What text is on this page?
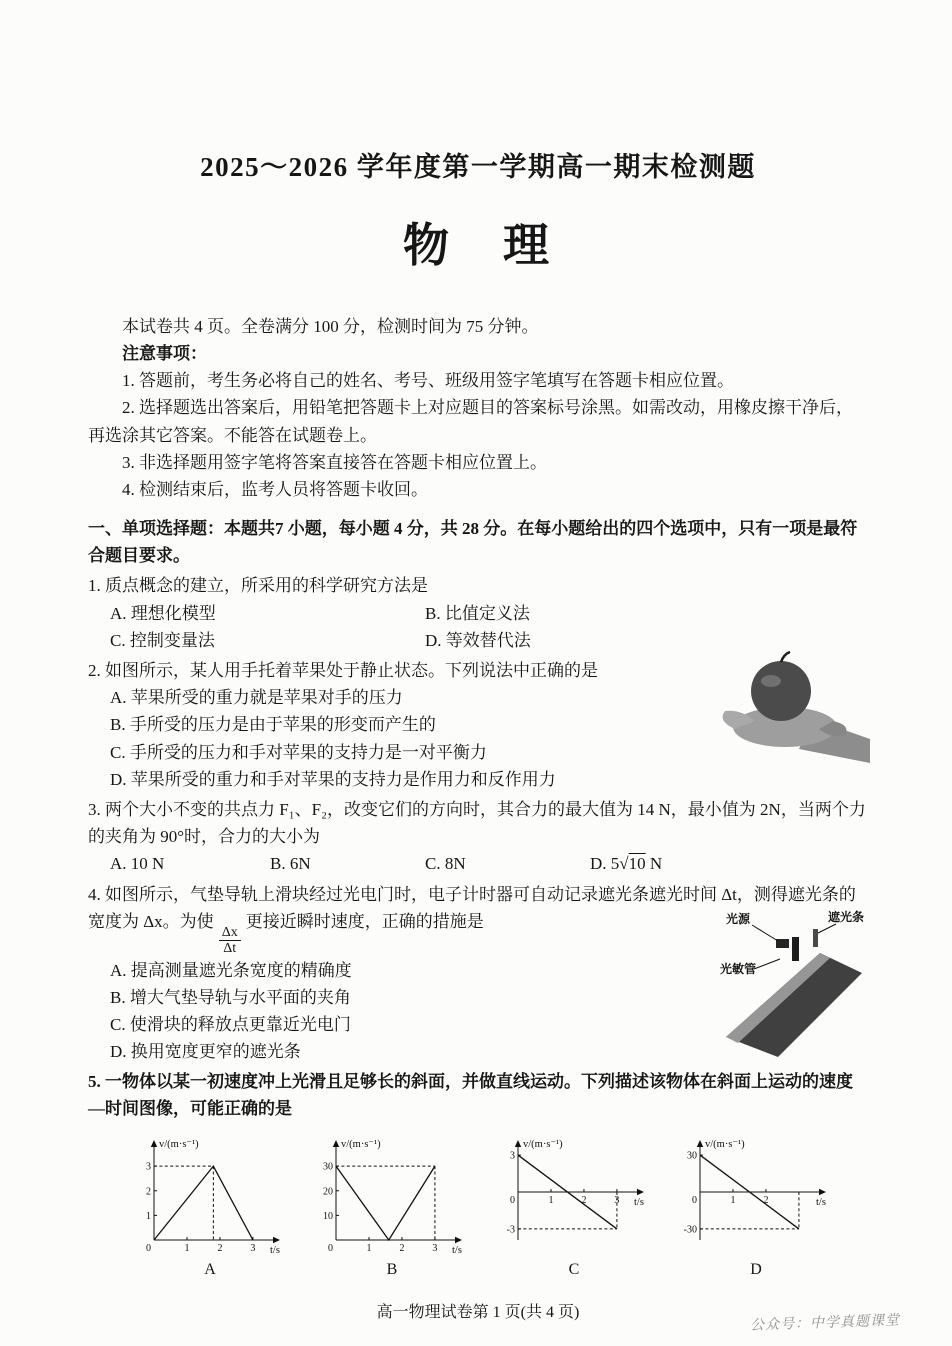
2025～2026 学年度第一学期高一期末检测题
物　理

本试卷共 4 页。全卷满分 100 分，检测时间为 75 分钟。

注意事项：

1. 答题前，考生务必将自己的姓名、考号、班级用签字笔填写在答题卡相应位置。

2. 选择题选出答案后，用铅笔把答题卡上对应题目的答案标号涂黑。如需改动，用橡皮擦干净后，再选涂其它答案。不能答在试题卷上。

3. 非选择题用签字笔将答案直接答在答题卡相应位置上。

4. 检测结束后，监考人员将答题卡收回。

一、单项选择题：本题共7 小题，每小题 4 分，共 28 分。在每小题给出的四个选项中，只有一项是最符合题目要求。

1. 质点概念的建立，所采用的科学研究方法是

A. 理想化模型	B. 比值定义法
C. 控制变量法	D. 等效替代法

2. 如图所示，某人用手托着苹果处于静止状态。下列说法中正确的是

A. 苹果所受的重力就是苹果对手的压力
B. 手所受的压力是由于苹果的形变而产生的
C. 手所受的压力和手对苹果的支持力是一对平衡力
D. 苹果所受的重力和手对苹果的支持力是作用力和反作用力

3. 两个大小不变的共点力 F₁、F₂，改变它们的方向时，其合力的最大值为 14 N，最小值为 2N，当两个力的夹角为 90°时，合力的大小为

A. 10 N	B. 6N	C. 8N	D. 5√10 N

4. 如图所示，气垫导轨上滑块经过光电门时，电子计时器可自动记录遮光条遮光时间 Δt，测得遮光条的宽度为 Δx。为使
$\frac{\Delta x}{\Delta t}$
更接近瞬时速度，正确的措施是

A. 提高测量遮光条宽度的精确度
B. 增大气垫导轨与水平面的夹角
C. 使滑块的释放点更靠近光电门
D. 换用宽度更窄的遮光条
光源	遮光条
光敏管

5. 一物体以某一初速度冲上光滑且足够长的斜面，并做直线运动。下列描述该物体在斜面上运动的速度—时间图像，可能正确的是

v/(m·s⁻¹)
t/s
0
1
2
3
1	2	3
A
v/(m·s⁻¹)
t/s
0
10
20
30
1	2	3
B
v/(m·s⁻¹)
t/s
0
3
-3
1	2	3
C
v/(m·s⁻¹)
t/s
0
30
-30
1	2
D

高一物理试卷第 1 页(共 4 页)

公众号：中学真题课堂
